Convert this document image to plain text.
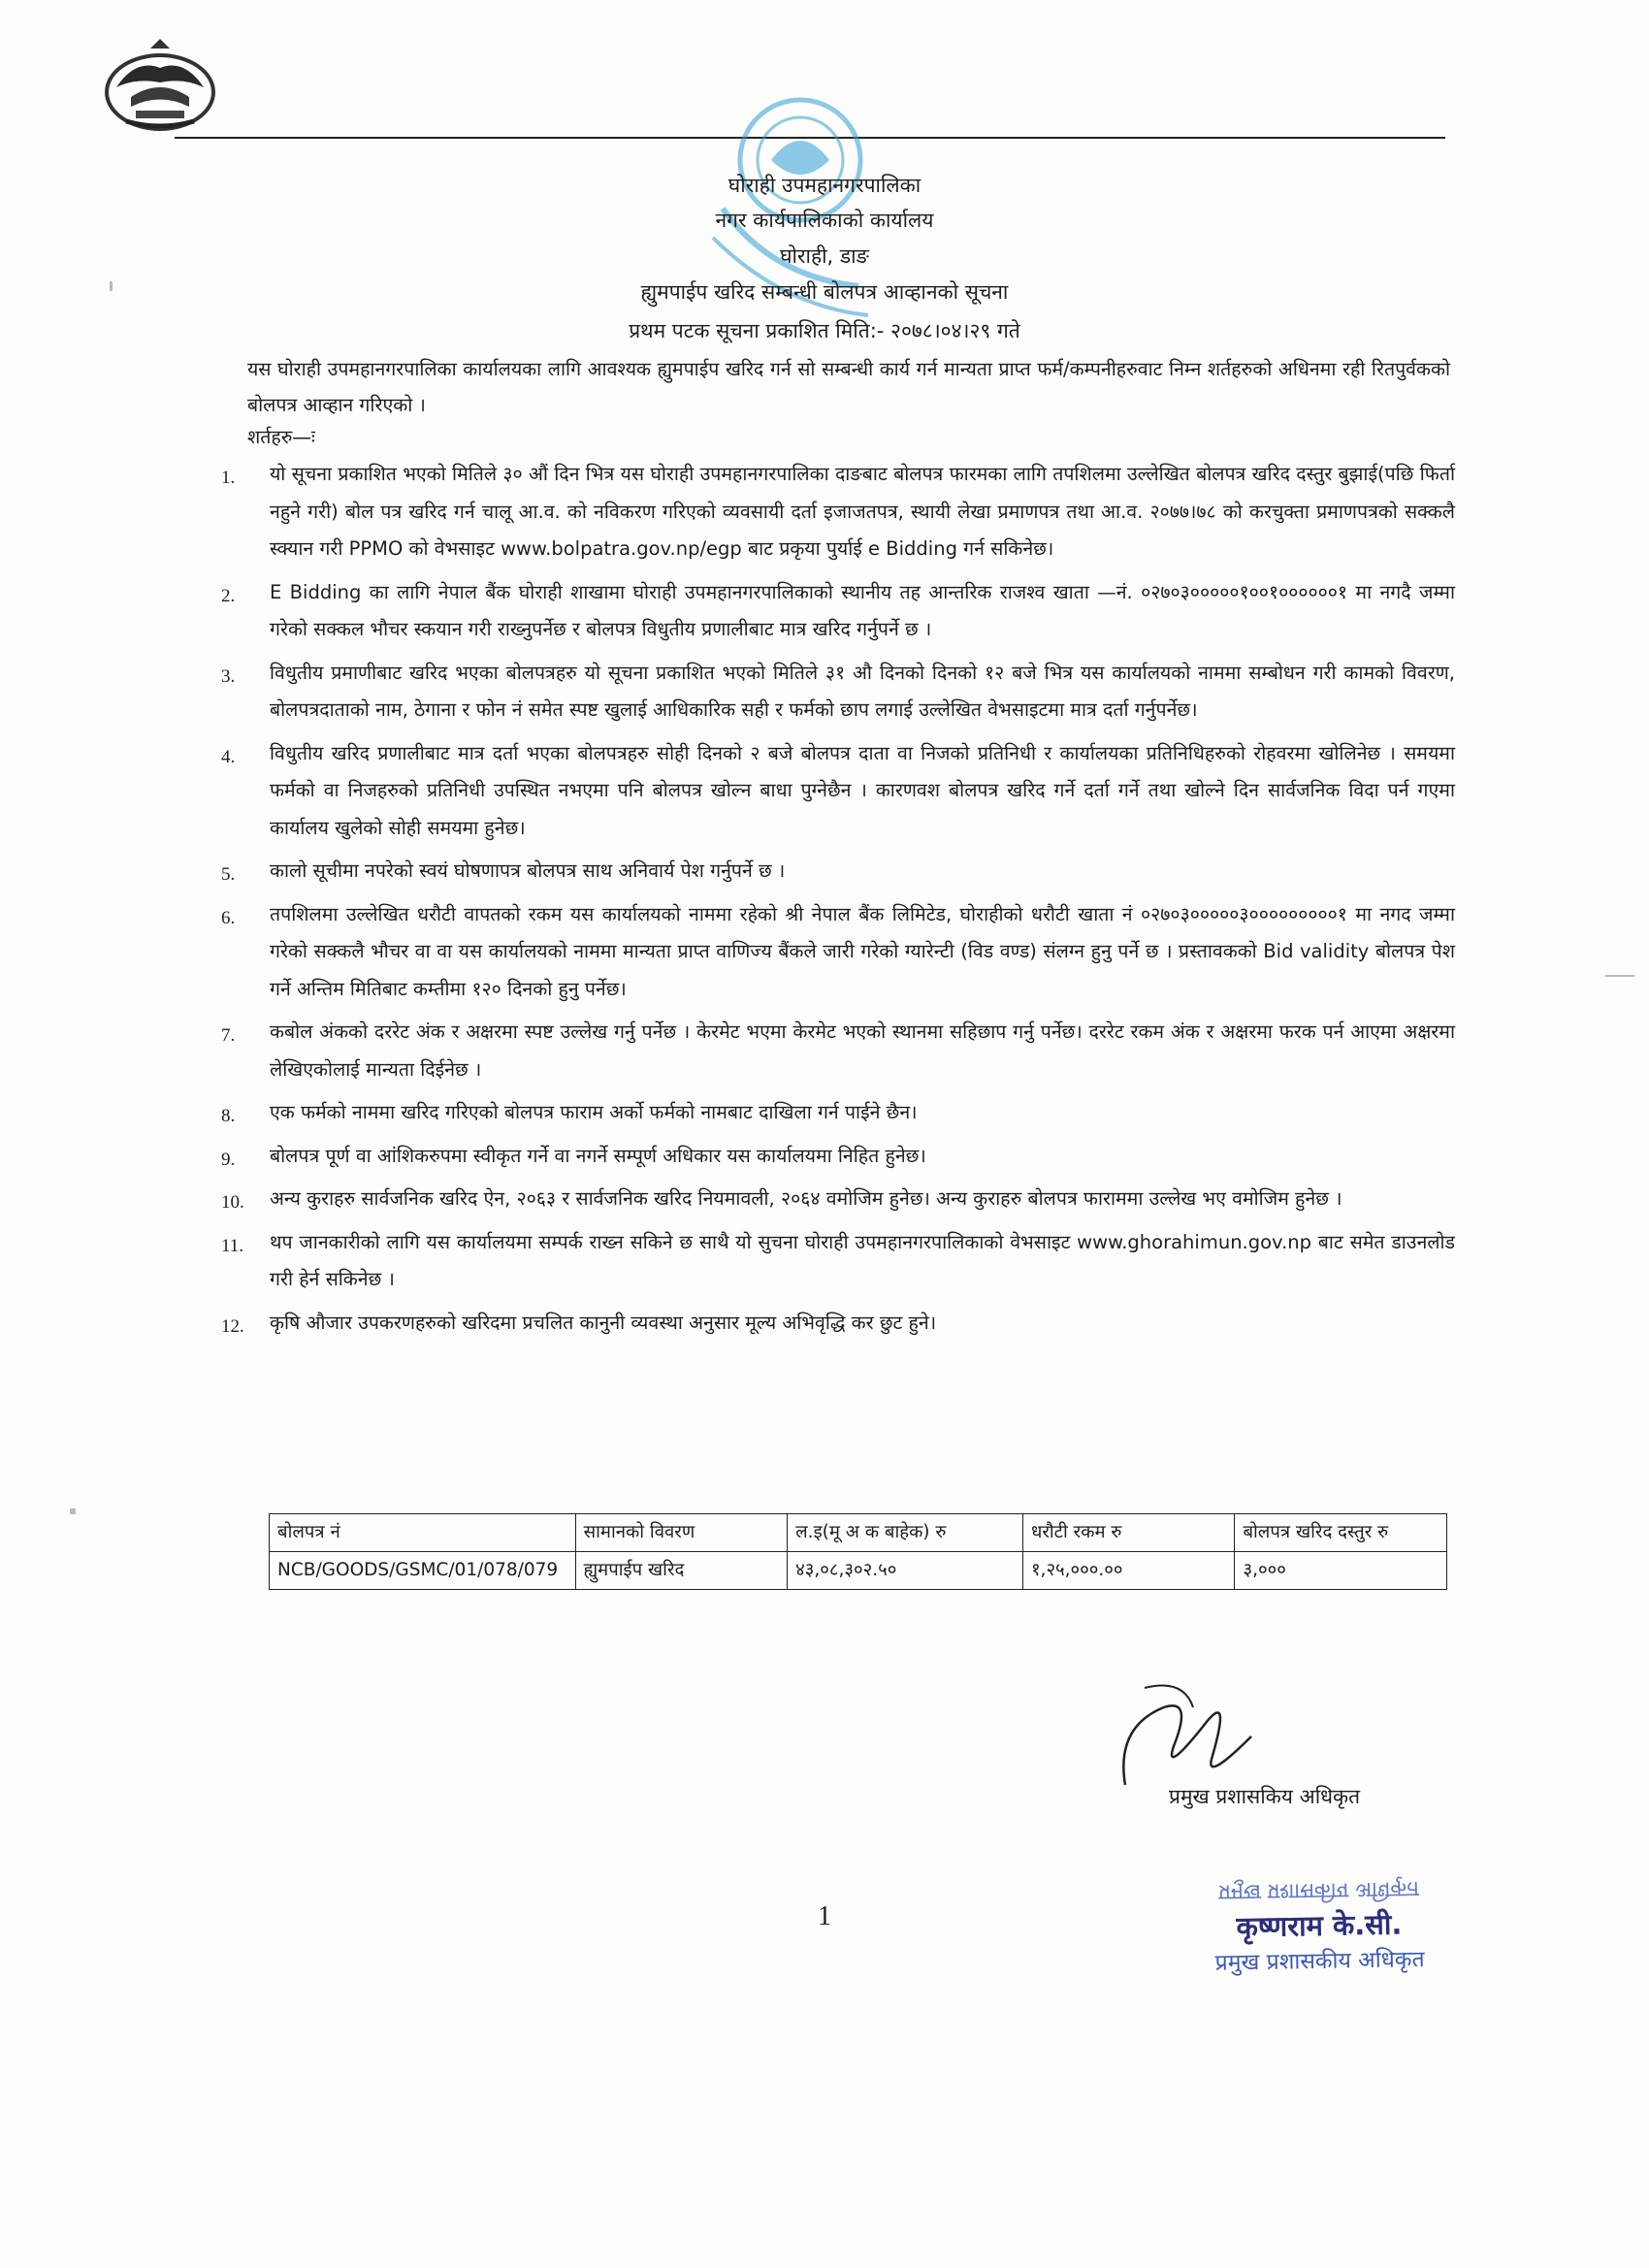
घोराही उपमहानगरपालिका
नगर कार्यपालिकाको कार्यालय
घोराही, डाङ
ह्युमपाईप खरिद सम्बन्धी बोलपत्र आव्हानको सूचना
प्रथम पटक सूचना प्रकाशित मिति:- २०७८।०४।२९ गते
यस घोराही उपमहानगरपालिका कार्यालयका लागि आवश्यक ह्युमपाईप खरिद गर्न सो सम्बन्धी कार्य गर्न मान्यता प्राप्त फर्म/कम्पनीहरुवाट निम्न शर्तहरुको अधिनमा रही रितपुर्वकको बोलपत्र आव्हान गरिएको ।
शर्तहरु—ः
1. यो सूचना प्रकाशित भएको मितिले ३० औं दिन भित्र यस घोराही उपमहानगरपालिका दाङबाट बोलपत्र फारमका लागि तपशिलमा उल्लेखित बोलपत्र खरिद दस्तुर बुझाई(पछि फिर्ता नहुने गरी) बोल पत्र खरिद गर्न चालू आ.व. को नविकरण गरिएको व्यवसायी दर्ता इजाजतपत्र, स्थायी लेखा प्रमाणपत्र तथा आ.व. २०७७।७८ को करचुक्ता प्रमाणपत्रको सक्कलै स्क्यान गरी PPMO को वेभसाइट www.bolpatra.gov.np/egp बाट प्रकृया पुर्याई e Bidding गर्न सकिनेछ।
2. E Bidding का लागि नेपाल बैंक घोराही शाखामा घोराही उपमहानगरपालिकाको स्थानीय तह आन्तरिक राजश्व खाता —नं. ०२७०३०००००१००१००००००१ मा नगदै जम्मा गरेको सक्कल भौचर स्कयान गरी राख्नुपर्नेछ र बोलपत्र विधुतीय प्रणालीबाट मात्र खरिद गर्नुपर्ने छ ।
3. विधुतीय प्रमाणीबाट खरिद भएका बोलपत्रहरु यो सूचना प्रकाशित भएको मितिले ३१ औ दिनको दिनको १२ बजे भित्र यस कार्यालयको नाममा सम्बोधन गरी कामको विवरण, बोलपत्रदाताको नाम, ठेगाना र फोन नं समेत स्पष्ट खुलाई आधिकारिक सही र फर्मको छाप लगाई उल्लेखित वेभसाइटमा मात्र दर्ता गर्नुपर्नेछ।
4. विधुतीय खरिद प्रणालीबाट मात्र दर्ता भएका बोलपत्रहरु सोही दिनको २ बजे बोलपत्र दाता वा निजको प्रतिनिधी र कार्यालयका प्रतिनिधिहरुको रोहवरमा खोलिनेछ । समयमा फर्मको वा निजहरुको प्रतिनिधी उपस्थित नभएमा पनि बोलपत्र खोल्न बाधा पुग्नेछैन । कारणवश बोलपत्र खरिद गर्ने दर्ता गर्ने तथा खोल्ने दिन सार्वजनिक विदा पर्न गएमा कार्यालय खुलेको सोही समयमा हुनेछ।
5. कालो सूचीमा नपरेको स्वयं घोषणापत्र बोलपत्र साथ अनिवार्य पेश गर्नुपर्ने छ ।
6. तपशिलमा उल्लेखित धरौटी वापतको रकम यस कार्यालयको नाममा रहेको श्री नेपाल बैंक लिमिटेड, घोराहीको धरौटी खाता नं ०२७०३०००००३०००००००००१ मा नगद जम्मा गरेको सक्कलै भौचर वा वा यस कार्यालयको नाममा मान्यता प्राप्त वाणिज्य बैंकले जारी गरेको ग्यारेन्टी (विड वण्ड) संलग्न हुनु पर्ने छ । प्रस्तावकको Bid validity बोलपत्र पेश गर्ने अन्तिम मितिबाट कम्तीमा १२० दिनको हुनु पर्नेछ।
7. कबोल अंकको दररेट अंक र अक्षरमा स्पष्ट उल्लेख गर्नु पर्नेछ । केरमेट भएमा केरमेट भएको स्थानमा सहिछाप गर्नु पर्नेछ। दररेट रकम अंक र अक्षरमा फरक पर्न आएमा अक्षरमा लेखिएकोलाई मान्यता दिईनेछ ।
8. एक फर्मको नाममा खरिद गरिएको बोलपत्र फाराम अर्को फर्मको नामबाट दाखिला गर्न पाईने छैन।
9. बोलपत्र पूर्ण वा आंशिकरुपमा स्वीकृत गर्ने वा नगर्ने सम्पूर्ण अधिकार यस कार्यालयमा निहित हुनेछ।
10. अन्य कुराहरु सार्वजनिक खरिद ऐन, २०६३ र सार्वजनिक खरिद नियमावली, २०६४ वमोजिम हुनेछ। अन्य कुराहरु बोलपत्र फाराममा उल्लेख भए वमोजिम हुनेछ ।
11. थप जानकारीको लागि यस कार्यालयमा सम्पर्क राख्न सकिने छ साथै यो सुचना घोराही उपमहानगरपालिकाको वेभसाइट www.ghorahimun.gov.np बाट समेत डाउनलोड गरी हेर्न सकिनेछ ।
12. कृषि औजार उपकरणहरुको खरिदमा प्रचलित कानुनी व्यवस्था अनुसार मूल्य अभिवृद्धि कर छुट हुने।
बोलपत्र नं	सामानको विवरण	ल.इ(मू अ क बाहेक) रु	धरौटी रकम रु	बोलपत्र खरिद दस्तुर रु
NCB/GOODS/GSMC/01/078/079	ह्युमपाईप खरिद	४३,०८,३०२.५०	१,२५,०००.००	३,०००
प्रमुख प्रशासकिय अधिकृत
प्रमुख प्रशासकीय अधिकृत
कृष्णराम के.सी.
प्रमुख प्रशासकीय अधिकृत
1
